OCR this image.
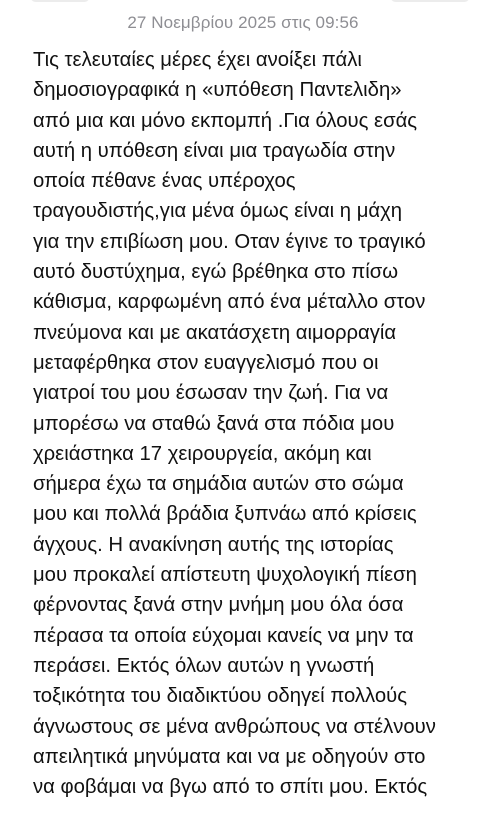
27 Νοεμβρίου 2025 στις 09:56
Τις τελευταίες μέρες έχει ανοίξει πάλι
δημοσιογραφικά η «υπόθεση Παντελιδη»
από μια και μόνο εκπομπή .Για όλους εσάς
αυτή η υπόθεση είναι μια τραγωδία στην
οποία πέθανε ένας υπέροχος
τραγουδιστής,για μένα όμως είναι η μάχη
για την επιβίωση μου. Οταν έγινε το τραγικό
αυτό δυστύχημα, εγώ βρέθηκα στο πίσω
κάθισμα, καρφωμένη από ένα μέταλλο στον
πνεύμονα και με ακατάσχετη αιμορραγία
μεταφέρθηκα στον ευαγγελισμό που οι
γιατροί του μου έσωσαν την ζωή. Για να
μπορέσω να σταθώ ξανά στα πόδια μου
χρειάστηκα 17 χειρουργεία, ακόμη και
σήμερα έχω τα σημάδια αυτών στο σώμα
μου και πολλά βράδια ξυπνάω από κρίσεις
άγχους. Η ανακίνηση αυτής της ιστορίας
μου προκαλεί απίστευτη ψυχολογική πίεση
φέρνοντας ξανά στην μνήμη μου όλα όσα
πέρασα τα οποία εύχομαι κανείς να μην τα
περάσει. Εκτός όλων αυτών η γνωστή
τοξικότητα του διαδικτύου οδηγεί πολλούς
άγνωστους σε μένα ανθρώπους να στέλνουν
απειλητικά μηνύματα και να με οδηγούν στο
να φοβάμαι να βγω από το σπίτι μου. Εκτός
